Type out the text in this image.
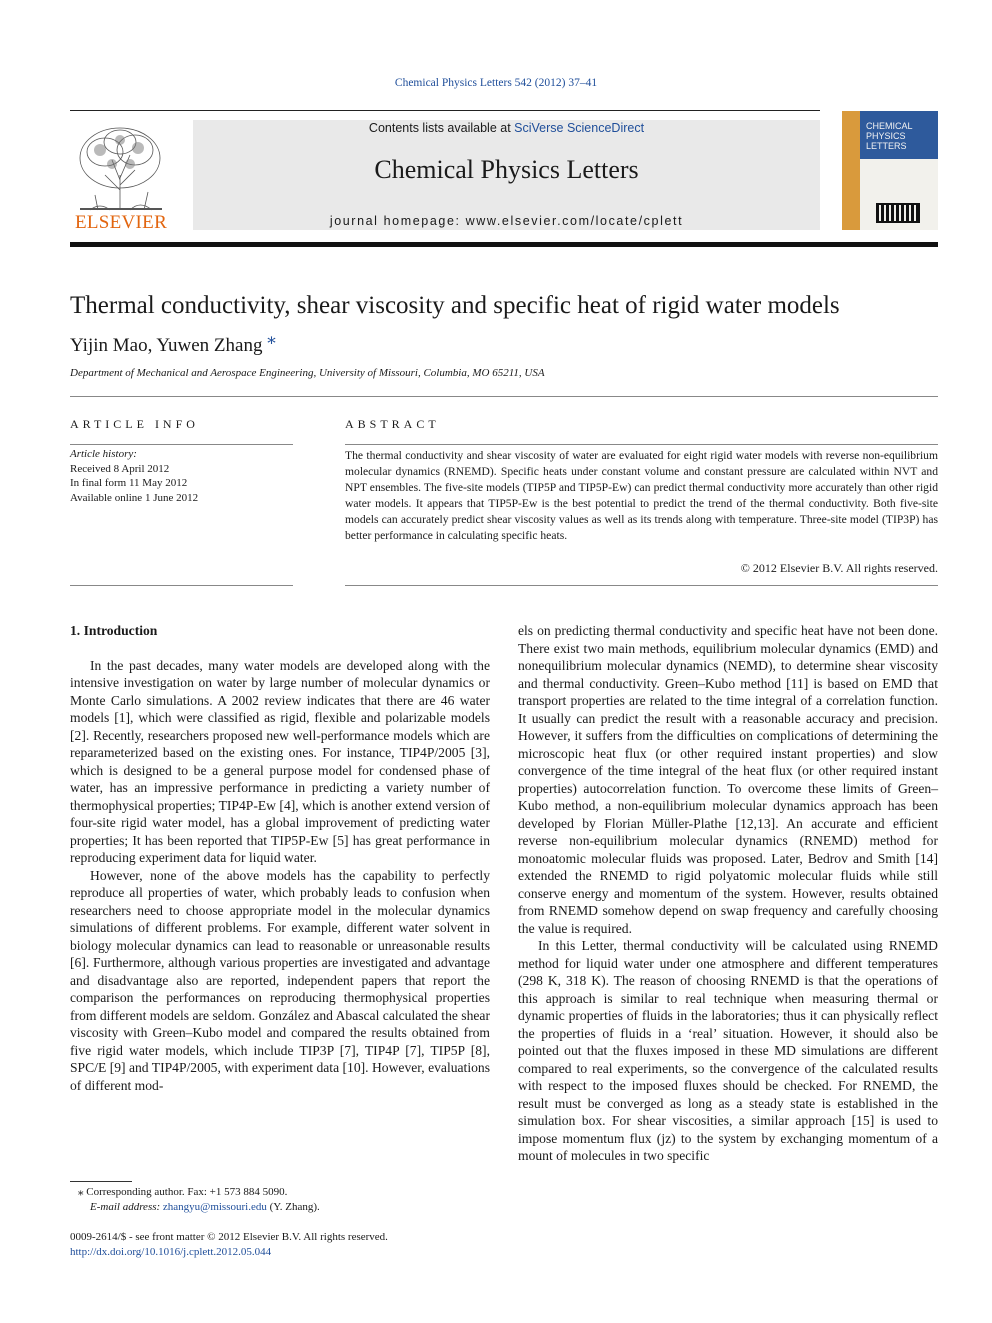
Chemical Physics Letters 542 (2012) 37–41
ELSEVIER
Contents lists available at SciVerse ScienceDirect
Chemical Physics Letters
journal homepage: www.elsevier.com/locate/cplett
CHEMICAL
PHYSICS
LETTERS
Thermal conductivity, shear viscosity and specific heat of rigid water models
Yijin Mao, Yuwen Zhang ⁎
Department of Mechanical and Aerospace Engineering, University of Missouri, Columbia, MO 65211, USA
ARTICLE INFO
Article history:
Received 8 April 2012
In final form 11 May 2012
Available online 1 June 2012
ABSTRACT
The thermal conductivity and shear viscosity of water are evaluated for eight rigid water models with reverse non-equilibrium molecular dynamics (RNEMD). Specific heats under constant volume and constant pressure are calculated within NVT and NPT ensembles. The five-site models (TIP5P and TIP5P-Ew) can predict thermal conductivity more accurately than other rigid water models. It appears that TIP5P-Ew is the best potential to predict the trend of the thermal conductivity. Both five-site models can accurately predict shear viscosity values as well as its trends along with temperature. Three-site model (TIP3P) has better performance in calculating specific heats.
© 2012 Elsevier B.V. All rights reserved.
1. Introduction

In the past decades, many water models are developed along with the intensive investigation on water by large number of molecular dynamics or Monte Carlo simulations. A 2002 review indicates that there are 46 water models [1], which were classified as rigid, flexible and polarizable models [2]. Recently, researchers proposed new well-performance models which are reparameterized based on the existing ones. For instance, TIP4P/2005 [3], which is designed to be a general purpose model for condensed phase of water, has an impressive performance in predicting a variety number of thermophysical properties; TIP4P-Ew [4], which is another extend version of four-site rigid water model, has a global improvement of predicting water properties; It has been reported that TIP5P-Ew [5] has great performance in reproducing experiment data for liquid water.

However, none of the above models has the capability to perfectly reproduce all properties of water, which probably leads to confusion when researchers need to choose appropriate model in the molecular dynamics simulations of different problems. For example, different water solvent in biology molecular dynamics can lead to reasonable or unreasonable results [6]. Furthermore, although various properties are investigated and advantage and disadvantage also are reported, independent papers that report the comparison the performances on reproducing thermophysical properties from different models are seldom. González and Abascal calculated the shear viscosity with Green–Kubo model and compared the results obtained from five rigid water models, which include TIP3P [7], TIP4P [7], TIP5P [8], SPC/E [9] and TIP4P/2005, with experiment data [10]. However, evaluations of different mod-

els on predicting thermal conductivity and specific heat have not been done. There exist two main methods, equilibrium molecular dynamics (EMD) and nonequilibrium molecular dynamics (NEMD), to determine shear viscosity and thermal conductivity. Green–Kubo method [11] is based on EMD that transport properties are related to the time integral of a correlation function. It usually can predict the result with a reasonable accuracy and precision. However, it suffers from the difficulties on complications of determining the microscopic heat flux (or other required instant properties) and slow convergence of the time integral of the heat flux (or other required instant properties) autocorrelation function. To overcome these limits of Green–Kubo method, a non-equilibrium molecular dynamics approach has been developed by Florian Müller-Plathe [12,13]. An accurate and efficient reverse non-equilibrium molecular dynamics (RNEMD) method for monoatomic molecular fluids was proposed. Later, Bedrov and Smith [14] extended the RNEMD to rigid polyatomic molecular fluids while still conserve energy and momentum of the system. However, results obtained from RNEMD somehow depend on swap frequency and carefully choosing the value is required.

In this Letter, thermal conductivity will be calculated using RNEMD method for liquid water under one atmosphere and different temperatures (298 K, 318 K). The reason of choosing RNEMD is that the operations of this approach is similar to real technique when measuring thermal or dynamic properties of fluids in the laboratories; thus it can physically reflect the properties of fluids in a ‘real’ situation. However, it should also be pointed out that the fluxes imposed in these MD simulations are different compared to real experiments, so the convergence of the calculated results with respect to the imposed fluxes should be checked. For RNEMD, the result must be converged as long as a steady state is established in the simulation box. For shear viscosities, a similar approach [15] is used to impose momentum flux (jz) to the system by exchanging momentum of a mount of molecules in two specific

⁎ Corresponding author. Fax: +1 573 884 5090.
E-mail address: zhangyu@missouri.edu (Y. Zhang).
0009-2614/$ - see front matter © 2012 Elsevier B.V. All rights reserved.
http://dx.doi.org/10.1016/j.cplett.2012.05.044
